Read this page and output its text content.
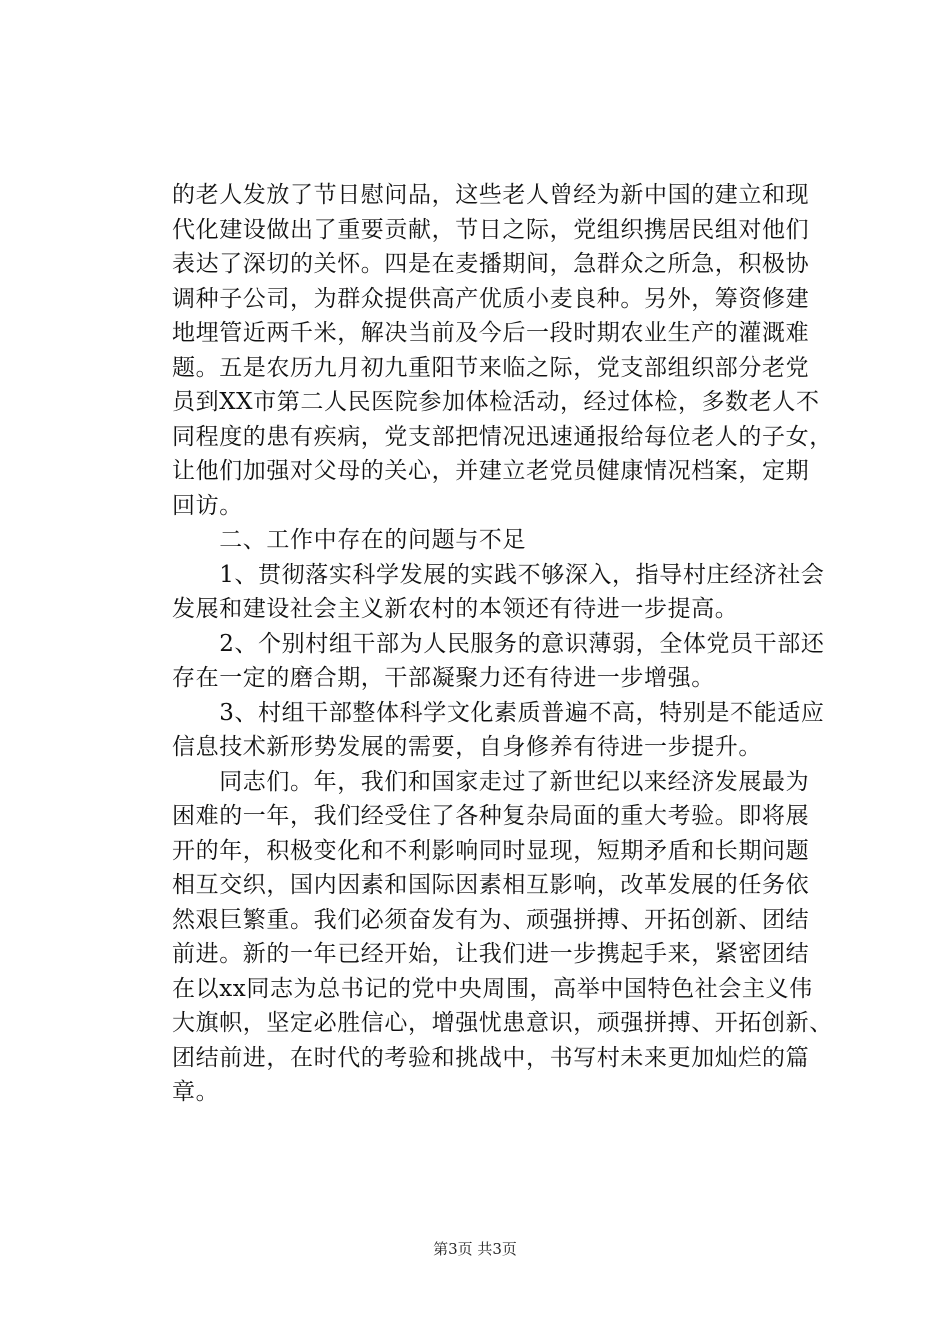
的老人发放了节日慰问品，这些老人曾经为新中国的建立和现
代化建设做出了重要贡献，节日之际，党组织携居民组对他们
表达了深切的关怀。四是在麦播期间，急群众之所急，积极协
调种子公司，为群众提供高产优质小麦良种。另外，筹资修建
地埋管近两千米，解决当前及今后一段时期农业生产的灌溉难
题。五是农历九月初九重阳节来临之际，党支部组织部分老党
员到XX市第二人民医院参加体检活动，经过体检，多数老人不
同程度的患有疾病，党支部把情况迅速通报给每位老人的子女，
让他们加强对父母的关心，并建立老党员健康情况档案，定期
回访。
　　二、工作中存在的问题与不足
　　1、贯彻落实科学发展的实践不够深入，指导村庄经济社会
发展和建设社会主义新农村的本领还有待进一步提高。
　　2、个别村组干部为人民服务的意识薄弱，全体党员干部还
存在一定的磨合期，干部凝聚力还有待进一步增强。
　　3、村组干部整体科学文化素质普遍不高，特别是不能适应
信息技术新形势发展的需要，自身修养有待进一步提升。
　　同志们。年，我们和国家走过了新世纪以来经济发展最为
困难的一年，我们经受住了各种复杂局面的重大考验。即将展
开的年，积极变化和不利影响同时显现，短期矛盾和长期问题
相互交织，国内因素和国际因素相互影响，改革发展的任务依
然艰巨繁重。我们必须奋发有为、顽强拼搏、开拓创新、团结
前进。新的一年已经开始，让我们进一步携起手来，紧密团结
在以xx同志为总书记的党中央周围，高举中国特色社会主义伟
大旗帜，坚定必胜信心，增强忧患意识，顽强拼搏、开拓创新、
团结前进，在时代的考验和挑战中，书写村未来更加灿烂的篇
章。
第3页 共3页
